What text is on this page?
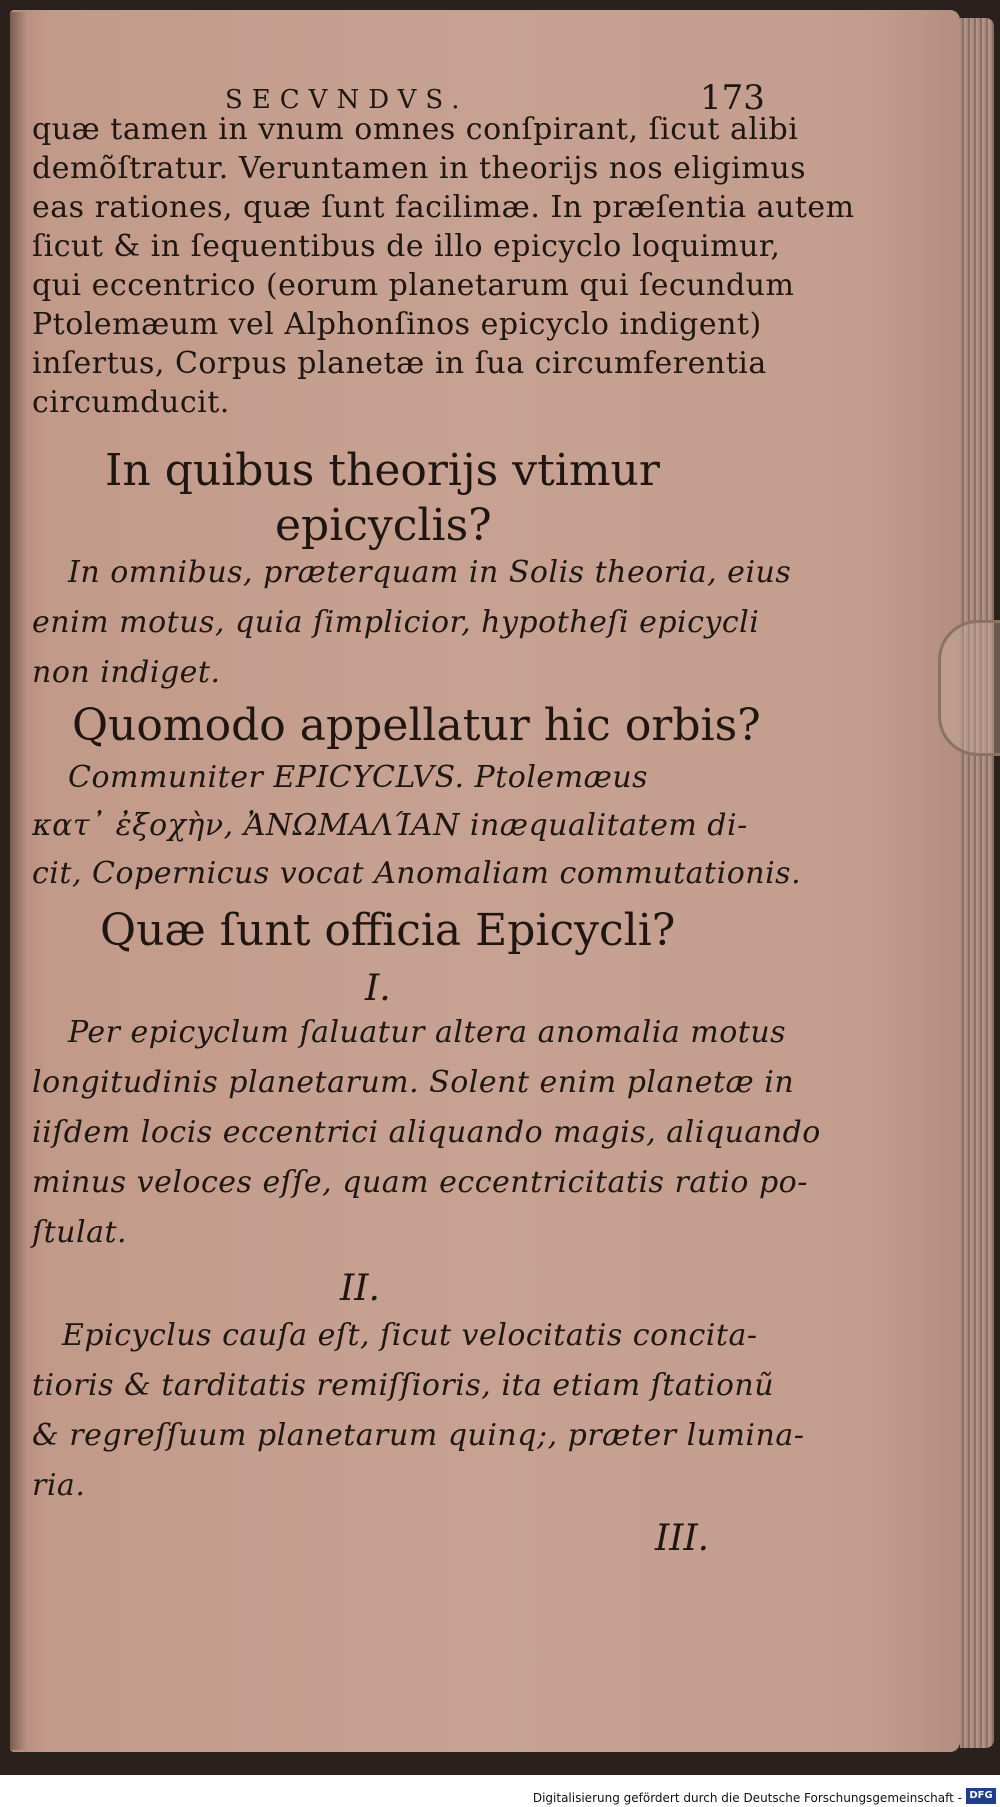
SECVNDVS.	173
quæ tamen in vnum omnes conſpirant, ſicut alibi
demõſtratur. Veruntamen in theorijs nos eligimus
eas rationes, quæ ſunt facilimæ. In præſentia autem
ſicut & in ſequentibus de illo epicyclo loquimur,
qui eccentrico (eorum planetarum qui ſecundum
Ptolemæum vel Alphonſinos epicyclo indigent)
inſertus, Corpus planetæ in ſua circumferentia
circumducit.
In quibus theorijs vtimur
epicyclis?
In omnibus, præterquam in Solis theoria, eius
enim motus, quia ſimplicior, hypotheſi epicycli
non indiget.
Quomodo appellatur hic orbis?
Communiter EPICYCLVS. Ptolemæus
κατ᾽ ἐξοχὴν, ἈΝΩΜΑΛΊΑΝ inæqualitatem di-
cit, Copernicus vocat Anomaliam commutationis.
Quæ ſunt officia Epicycli?
I.
Per epicyclum ſaluatur altera anomalia motus
longitudinis planetarum. Solent enim planetæ in
iiſdem locis eccentrici aliquando magis, aliquando
minus veloces eſſe, quam eccentricitatis ratio po-
ſtulat.
II.
Epicyclus cauſa eſt, ſicut velocitatis concita-
tioris & tarditatis remiſſioris, ita etiam ſtationũ
& regreſſuum planetarum quinq;, præter lumina-
ria.
III.
Digitalisierung gefördert durch die Deutsche Forschungsgemeinschaft - DFG
